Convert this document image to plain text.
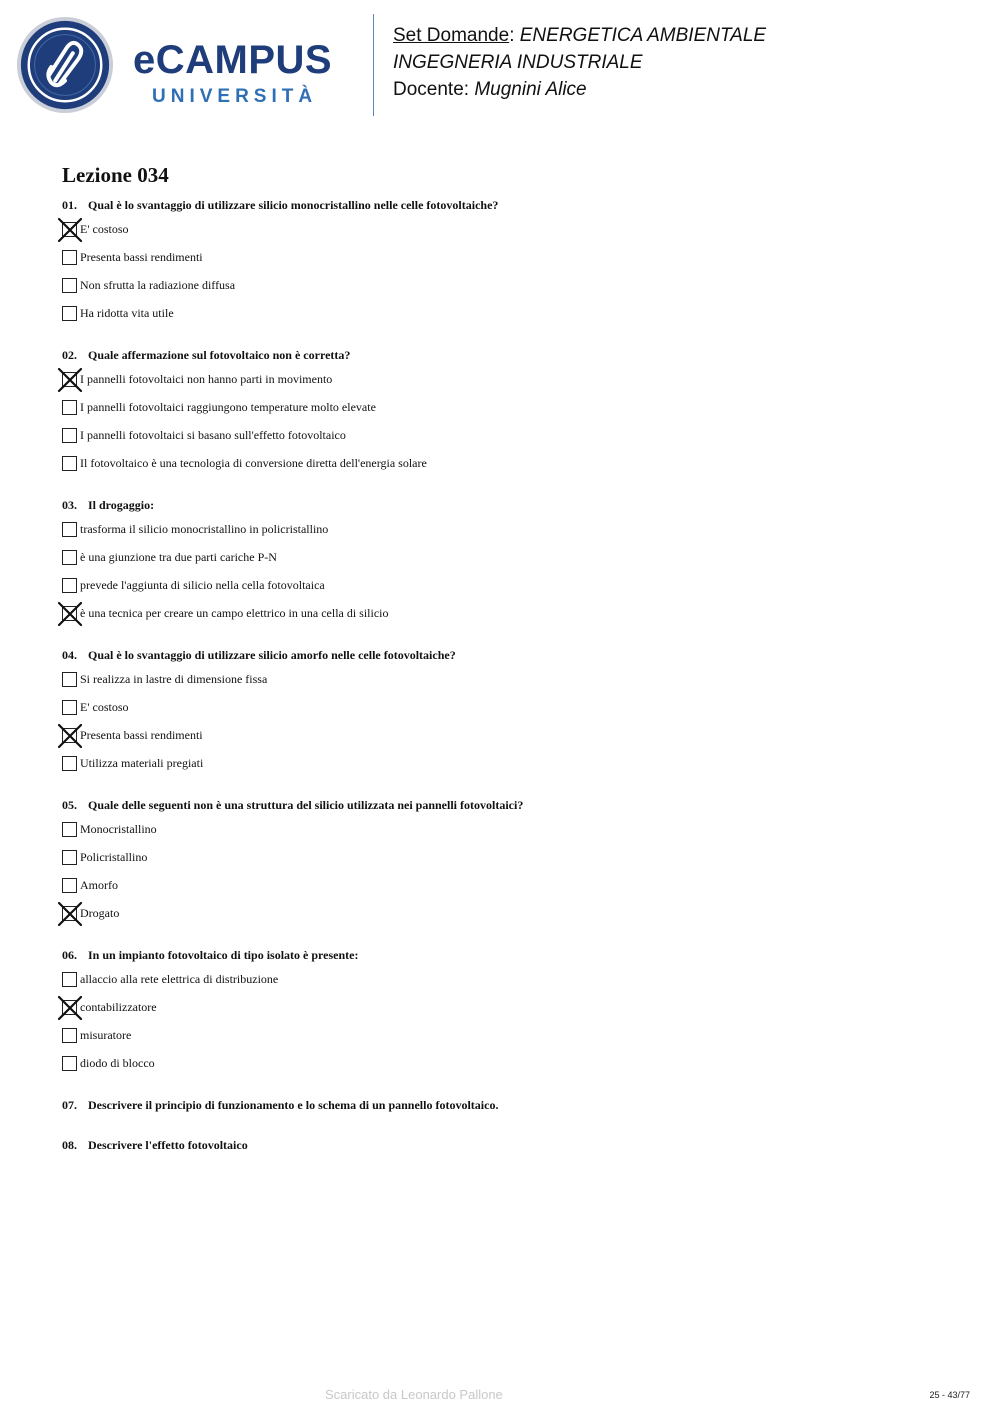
eCAMPUS
UNIVERSITÀ
Set Domande: ENERGETICA AMBIENTALE
INGEGNERIA INDUSTRIALE
Docente: Mugnini Alice
Lezione 034
01. Qual è lo svantaggio di utilizzare silicio monocristallino nelle celle fotovoltaiche?
E' costoso
Presenta bassi rendimenti
Non sfrutta la radiazione diffusa
Ha ridotta vita utile
02. Quale affermazione sul fotovoltaico non è corretta?
I pannelli fotovoltaici non hanno parti in movimento
I pannelli fotovoltaici raggiungono temperature molto elevate
I pannelli fotovoltaici si basano sull'effetto fotovoltaico
Il fotovoltaico è una tecnologia di conversione diretta dell'energia solare
03. Il drogaggio:
trasforma il silicio monocristallino in policristallino
è una giunzione tra due parti cariche P-N
prevede l'aggiunta di silicio nella cella fotovoltaica
è una tecnica per creare un campo elettrico in una cella di silicio
04. Qual è lo svantaggio di utilizzare silicio amorfo nelle celle fotovoltaiche?
Si realizza in lastre di dimensione fissa
E' costoso
Presenta bassi rendimenti
Utilizza materiali pregiati
05. Quale delle seguenti non è una struttura del silicio utilizzata nei pannelli fotovoltaici?
Monocristallino
Policristallino
Amorfo
Drogato
06. In un impianto fotovoltaico di tipo isolato è presente:
allaccio alla rete elettrica di distribuzione
contabilizzatore
misuratore
diodo di blocco
07. Descrivere il principio di funzionamento e lo schema di un pannello fotovoltaico.
08. Descrivere l'effetto fotovoltaico
Scaricato da Leonardo Pallone	25 - 43/77
